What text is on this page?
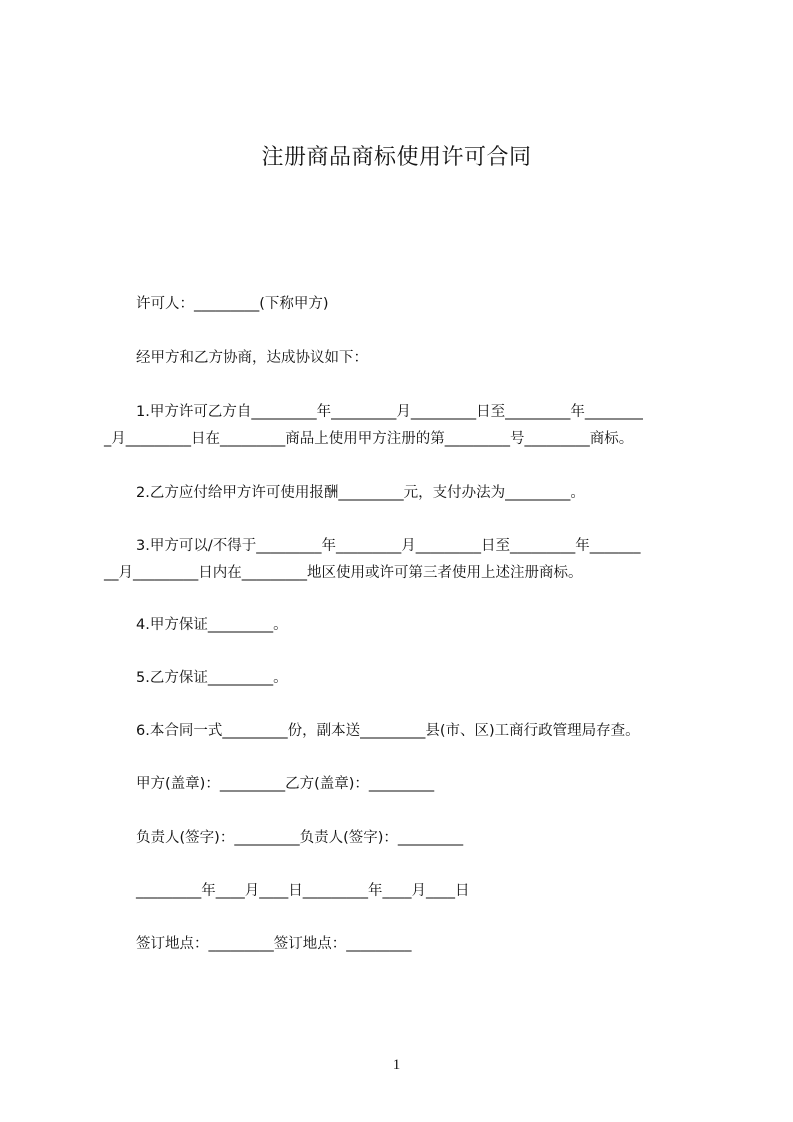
注册商品商标使用许可合同
许可人：_________(下称甲方)
经甲方和乙方协商，达成协议如下：
1.甲方许可乙方自_________年_________月_________日至_________年________
_月_________日在_________商品上使用甲方注册的第_________号_________商标。
2.乙方应付给甲方许可使用报酬_________元，支付办法为_________。
3.甲方可以/不得于_________年_________月_________日至_________年_______
__月_________日内在_________地区使用或许可第三者使用上述注册商标。
4.甲方保证_________。
5.乙方保证_________。
6.本合同一式_________份，副本送_________县(市、区)工商行政管理局存查。
甲方(盖章)：_________乙方(盖章)：_________
负责人(签字)：_________负责人(签字)：_________
_________年____月____日_________年____月____日
签订地点：_________签订地点：_________
1
